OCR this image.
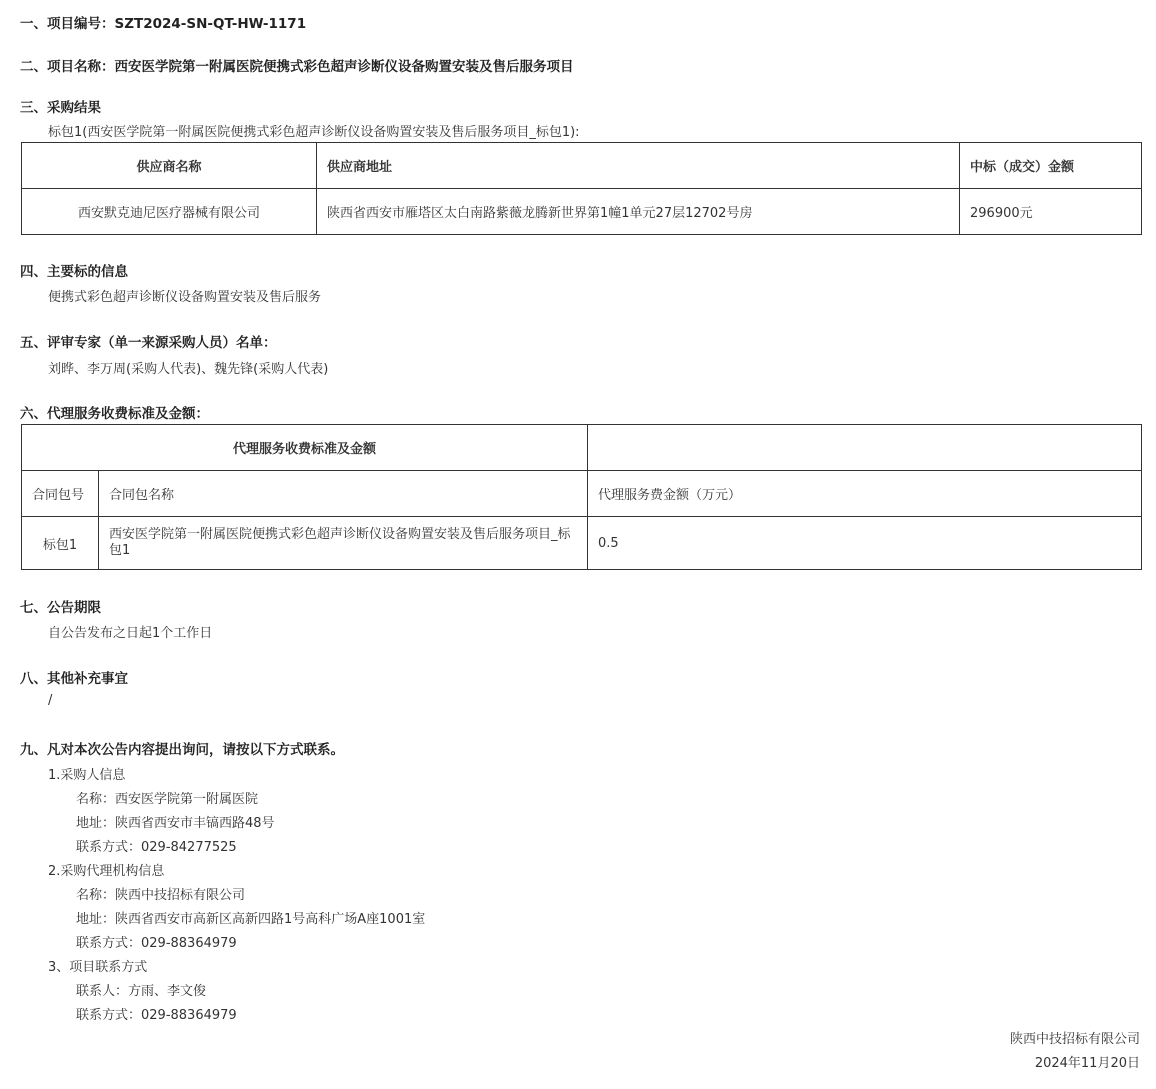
一、项目编号：SZT2024-SN-QT-HW-1171
二、项目名称：西安医学院第一附属医院便携式彩色超声诊断仪设备购置安装及售后服务项目
三、采购结果
标包1(西安医学院第一附属医院便携式彩色超声诊断仪设备购置安装及售后服务项目_标包1):
供应商名称	供应商地址	中标（成交）金额
西安默克迪尼医疗器械有限公司	陕西省西安市雁塔区太白南路紫薇龙腾新世界第1幢1单元27层12702号房	296900元
四、主要标的信息
便携式彩色超声诊断仪设备购置安装及售后服务
五、评审专家（单一来源采购人员）名单：
刘晔、李万周(采购人代表)、魏先锋(采购人代表)
六、代理服务收费标准及金额：
代理服务收费标准及金额		
合同包号	合同包名称	代理服务费金额（万元）
标包1	西安医学院第一附属医院便携式彩色超声诊断仪设备购置安装及售后服务项目_标包1	0.5
七、公告期限
自公告发布之日起1个工作日
八、其他补充事宜
/
九、凡对本次公告内容提出询问，请按以下方式联系。
1.采购人信息
名称：西安医学院第一附属医院
地址：陕西省西安市丰镐西路48号
联系方式：029-84277525
2.采购代理机构信息
名称：陕西中技招标有限公司
地址：陕西省西安市高新区高新四路1号高科广场A座1001室
联系方式：029-88364979
3、项目联系方式
联系人：方雨、李文俊
联系方式：029-88364979
陕西中技招标有限公司
2024年11月20日
